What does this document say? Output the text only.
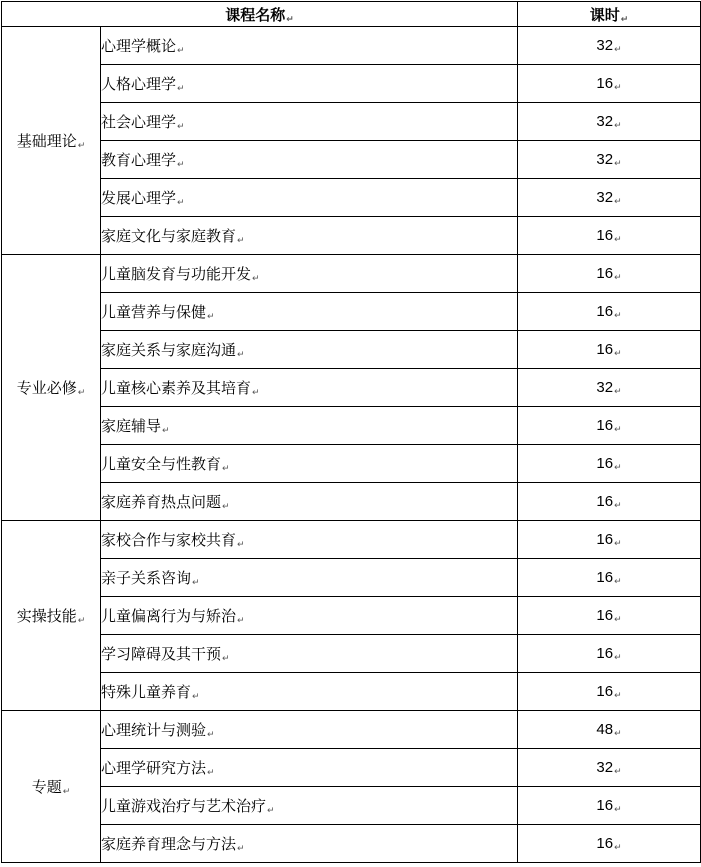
课程名称↵		课时↵
基础理论↵	心理学概论↵	32↵
	人格心理学↵	16↵
	社会心理学↵	32↵
	教育心理学↵	32↵
	发展心理学↵	32↵
	家庭文化与家庭教育↵	16↵
专业必修↵	儿童脑发育与功能开发↵	16↵
	儿童营养与保健↵	16↵
	家庭关系与家庭沟通↵	16↵
	儿童核心素养及其培育↵	32↵
	家庭辅导↵	16↵
	儿童安全与性教育↵	16↵
	家庭养育热点问题↵	16↵
实操技能↵	家校合作与家校共育↵	16↵
	亲子关系咨询↵	16↵
	儿童偏离行为与矫治↵	16↵
	学习障碍及其干预↵	16↵
	特殊儿童养育↵	16↵
专题↵	心理统计与测验↵	48↵
	心理学研究方法↵	32↵
	儿童游戏治疗与艺术治疗↵	16↵
	家庭养育理念与方法↵	16↵
